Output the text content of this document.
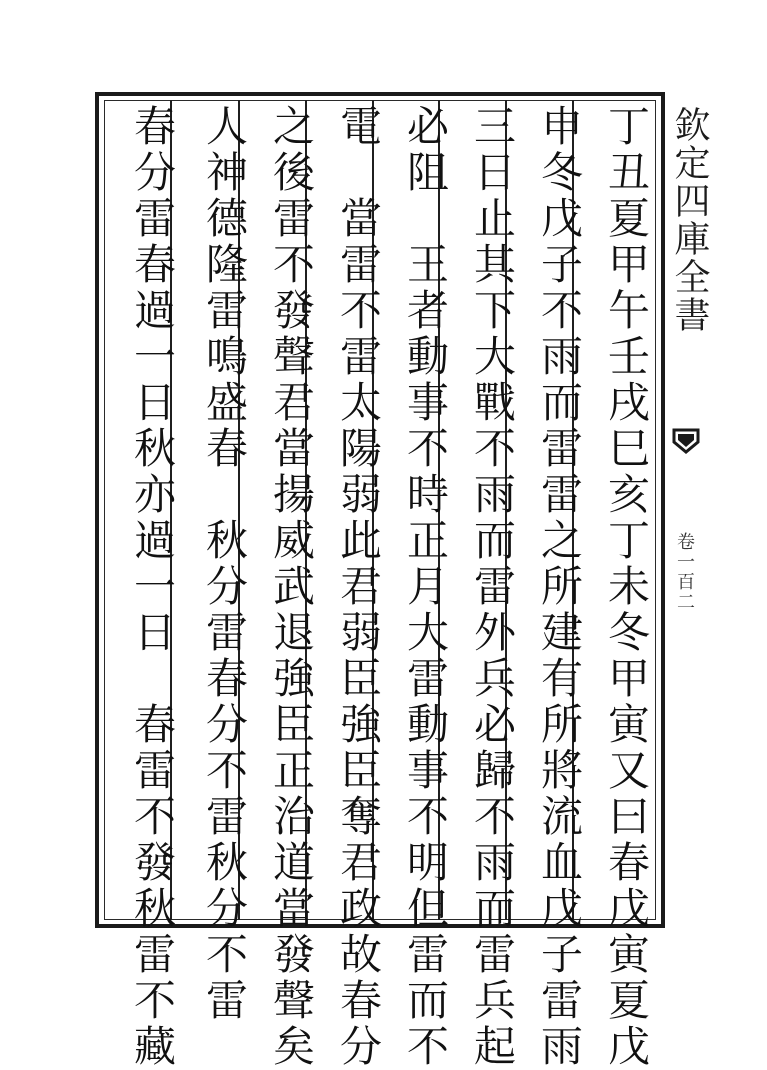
丁丑夏甲午壬戌巳亥丁未冬甲寅又曰春戊寅夏戊
申冬戊子不雨而雷雷之所建有所將流血戊子雷雨
三日止其下大戰不雨而雷外兵必歸不雨而雷兵起
必阻　王者動事不時正月大雷動事不明但雷而不
電　當雷不雷太陽弱此君弱臣強臣奪君政故春分
之後雷不發聲君當揚威武退強臣正治道當發聲矣
人神德隆雷鳴盛春　秋分雷春分不雷秋分不雷
春分雷春過一日秋亦過一日　春雷不發秋雷不藏	欽定四庫全書
卷一百二
